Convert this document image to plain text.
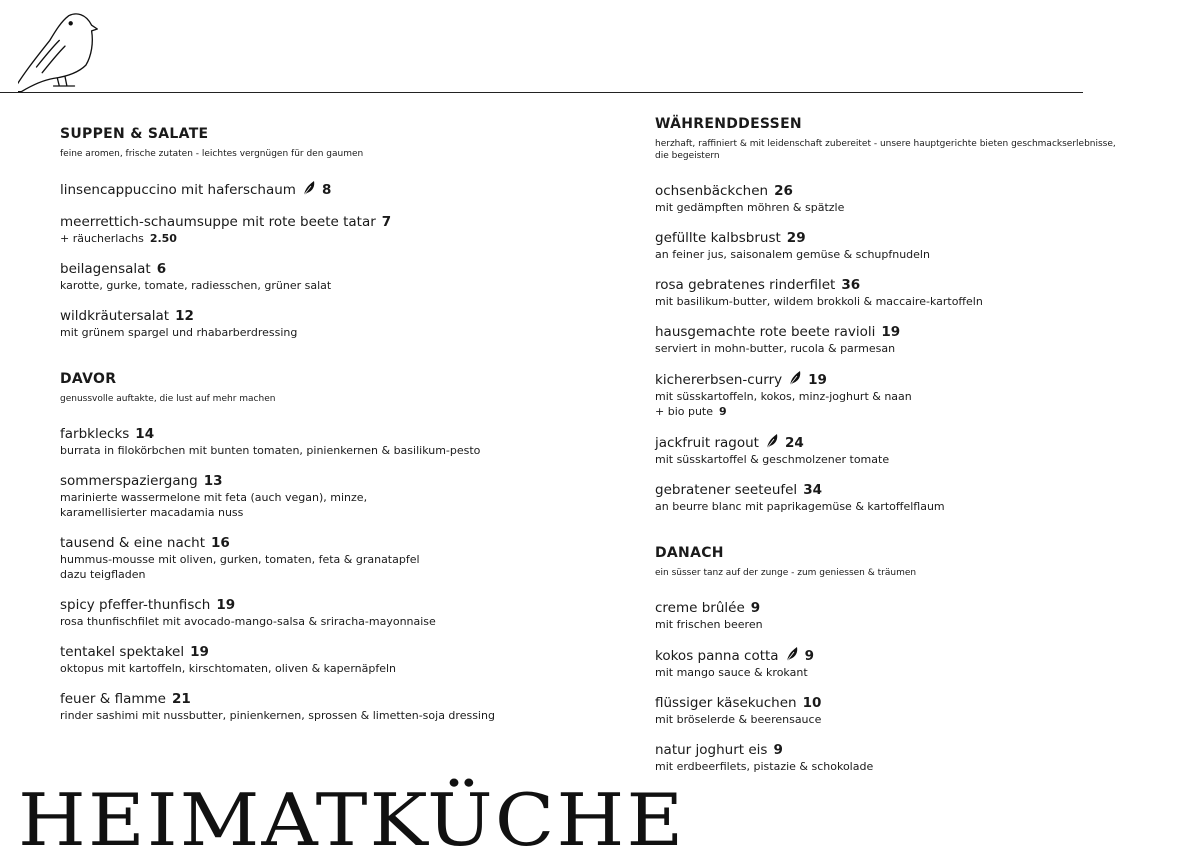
SUPPEN & SALATE
feine aromen, frische zutaten - leichtes vergnügen für den gaumen
linsencappuccino mit haferschaum 8
meerrettich-schaumsuppe mit rote beete tatar 7
+ räucherlachs 2.50
beilagensalat 6
karotte, gurke, tomate, radiesschen, grüner salat
wildkräutersalat 12
mit grünem spargel und rhabarberdressing
DAVOR
genussvolle auftakte, die lust auf mehr machen
farbklecks 14
burrata in filokörbchen mit bunten tomaten, pinienkernen & basilikum-pesto
sommerspaziergang 13
marinierte wassermelone mit feta (auch vegan), minze,
karamellisierter macadamia nuss
tausend & eine nacht 16
hummus-mousse mit oliven, gurken, tomaten, feta & granatapfel
dazu teigfladen
spicy pfeffer-thunfisch 19
rosa thunfischfilet mit avocado-mango-salsa & sriracha-mayonnaise
tentakel spektakel 19
oktopus mit kartoffeln, kirschtomaten, oliven & kapernäpfeln
feuer & flamme 21
rinder sashimi mit nussbutter, pinienkernen, sprossen & limetten-soja dressing
WÄHRENDDESSEN
herzhaft, raffiniert & mit leidenschaft zubereitet - unsere hauptgerichte bieten geschmackserlebnisse, die begeistern
ochsenbäckchen 26
mit gedämpften möhren & spätzle
gefüllte kalbsbrust 29
an feiner jus, saisonalem gemüse & schupfnudeln
rosa gebratenes rinderfilet 36
mit basilikum-butter, wildem brokkoli & maccaire-kartoffeln
hausgemachte rote beete ravioli 19
serviert in mohn-butter, rucola & parmesan
kichererbsen-curry 19
mit süsskartoffeln, kokos, minz-joghurt & naan
+ bio pute 9
jackfruit ragout 24
mit süsskartoffel & geschmolzener tomate
gebratener seeteufel 34
an beurre blanc mit paprikagemüse & kartoffelflaum
DANACH
ein süsser tanz auf der zunge - zum geniessen & träumen
creme brûlée 9
mit frischen beeren
kokos panna cotta 9
mit mango sauce & krokant
flüssiger käsekuchen 10
mit bröselerde & beerensauce
natur joghurt eis 9
mit erdbeerfilets, pistazie & schokolade
HEIMATKÜCHE
